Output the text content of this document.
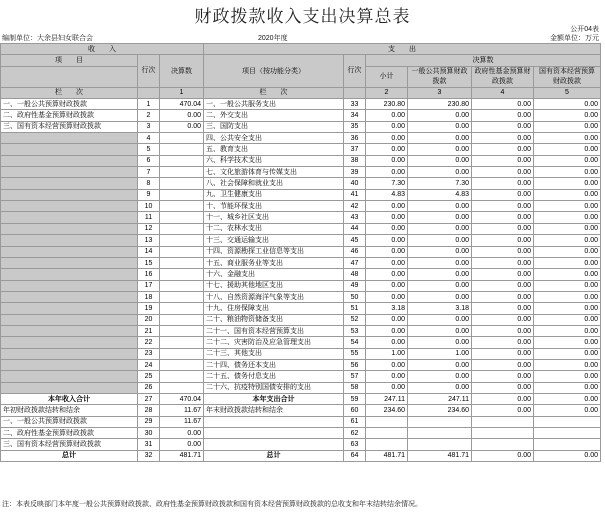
财政拨款收入支出决算总表
公开04表
编制单位：大余县妇女联合会	2020年度	金额单位：万元
收　　入			支　　出					
项　　目	行次	决算数	项目（按功能分类）	行次	决算数			
					小计	一般公共预算财政拨款	政府性基金预算财政拨款	国有资本经营预算财政拨款

栏　　次		1	栏　　次		2	3	4	5
一、一般公共预算财政拨款	1	470.04	一、一般公共服务支出	33	230.80	230.80	0.00	0.00
二、政府性基金预算财政拨款	2	0.00	二、外交支出	34	0.00	0.00	0.00	0.00
三、国有资本经营预算财政拨款	3	0.00	三、国防支出	35	0.00	0.00	0.00	0.00
	4		四、公共安全支出	36	0.00	0.00	0.00	0.00
	5		五、教育支出	37	0.00	0.00	0.00	0.00
	6		六、科学技术支出	38	0.00	0.00	0.00	0.00
	7		七、文化旅游体育与传媒支出	39	0.00	0.00	0.00	0.00
	8		八、社会保障和就业支出	40	7.30	7.30	0.00	0.00
	9		九、卫生健康支出	41	4.83	4.83	0.00	0.00
	10		十、节能环保支出	42	0.00	0.00	0.00	0.00
	11		十一、城乡社区支出	43	0.00	0.00	0.00	0.00
	12		十二、农林水支出	44	0.00	0.00	0.00	0.00
	13		十三、交通运输支出	45	0.00	0.00	0.00	0.00
	14		十四、资源勘探工业信息等支出	46	0.00	0.00	0.00	0.00
	15		十五、商业服务业等支出	47	0.00	0.00	0.00	0.00
	16		十六、金融支出	48	0.00	0.00	0.00	0.00
	17		十七、援助其他地区支出	49	0.00	0.00	0.00	0.00
	18		十八、自然资源海洋气象等支出	50	0.00	0.00	0.00	0.00
	19		十九、住房保障支出	51	3.18	3.18	0.00	0.00
	20		二十、粮油物资储备支出	52	0.00	0.00	0.00	0.00
	21		二十一、国有资本经营预算支出	53	0.00	0.00	0.00	0.00
	22		二十二、灾害防治及应急管理支出	54	0.00	0.00	0.00	0.00
	23		二十三、其他支出	55	1.00	1.00	0.00	0.00
	24		二十四、债务还本支出	56	0.00	0.00	0.00	0.00
	25		二十五、债务付息支出	57	0.00	0.00	0.00	0.00
	26		二十六、抗疫特别国债安排的支出	58	0.00	0.00	0.00	0.00
本年收入合计	27	470.04	本年支出合计	59	247.11	247.11	0.00	0.00
年初财政拨款结转和结余	28	11.67	年末财政拨款结转和结余	60	234.60	234.60	0.00	0.00
一、一般公共预算财政拨款	29	11.67		61				
二、政府性基金预算财政拨款	30	0.00		62				
三、国有资本经营预算财政拨款	31	0.00		63				
总计	32	481.71	总计	64	481.71	481.71	0.00	0.00
注：本表反映部门本年度一般公共预算财政拨款、政府性基金预算财政拨款和国有资本经营预算财政拨款的总收支和年末结转结余情况。
